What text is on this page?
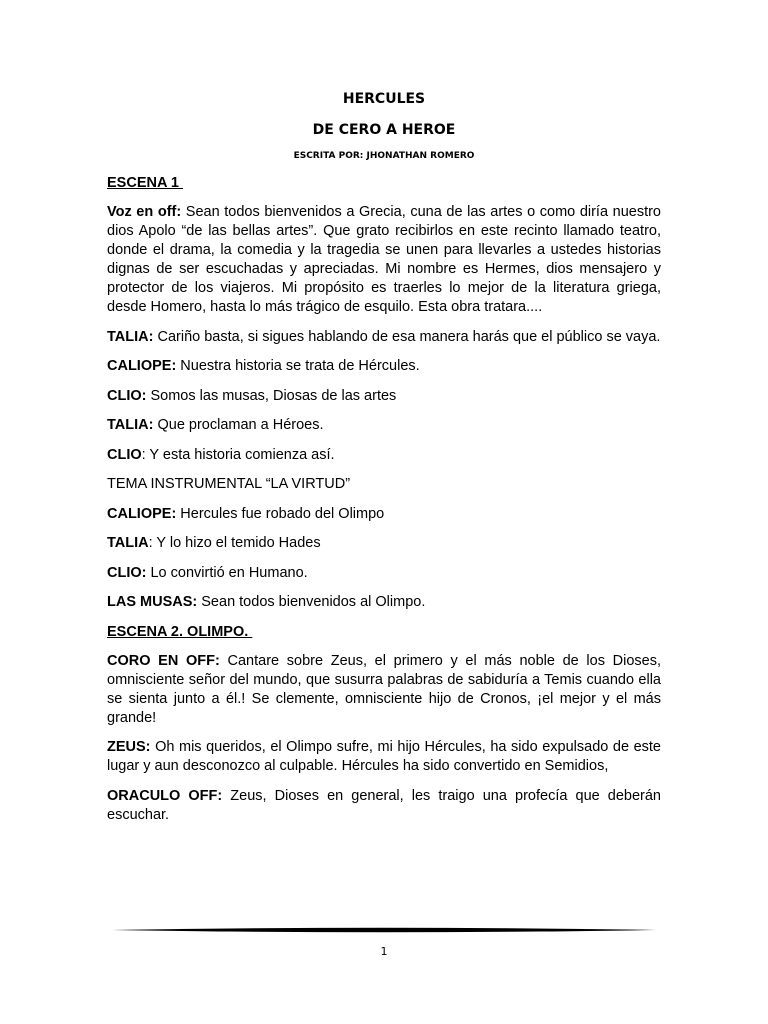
HERCULES
DE CERO A HEROE
ESCRITA POR: JHONATHAN ROMERO
ESCENA 1

Voz en off: Sean todos bienvenidos a Grecia, cuna de las artes o como diría nuestro dios Apolo “de las bellas artes”. Que grato recibirlos en este recinto llamado teatro, donde el drama, la comedia y la tragedia se unen para llevarles a ustedes historias dignas de ser escuchadas y apreciadas. Mi nombre es Hermes, dios mensajero y protector de los viajeros. Mi propósito es traerles lo mejor de la literatura griega, desde Homero, hasta lo más trágico de esquilo. Esta obra tratara....

TALIA: Cariño basta, si sigues hablando de esa manera harás que el público se vaya.

CALIOPE: Nuestra historia se trata de Hércules.

CLIO: Somos las musas, Diosas de las artes

TALIA: Que proclaman a Héroes.

CLIO: Y esta historia comienza así.

TEMA INSTRUMENTAL “LA VIRTUD”

CALIOPE: Hercules fue robado del Olimpo

TALIA: Y lo hizo el temido Hades

CLIO: Lo convirtió en Humano.

LAS MUSAS: Sean todos bienvenidos al Olimpo.

ESCENA 2. OLIMPO.

CORO EN OFF: Cantare sobre Zeus, el primero y el más noble de los Dioses, omnisciente señor del mundo, que susurra palabras de sabiduría a Temis cuando ella se sienta junto a él.! Se clemente, omnisciente hijo de Cronos, ¡el mejor y el más grande!

ZEUS: Oh mis queridos, el Olimpo sufre, mi hijo Hércules, ha sido expulsado de este lugar y aun desconozco al culpable. Hércules ha sido convertido en Semidios,

ORACULO OFF: Zeus, Dioses en general, les traigo una profecía que deberán escuchar.

1
